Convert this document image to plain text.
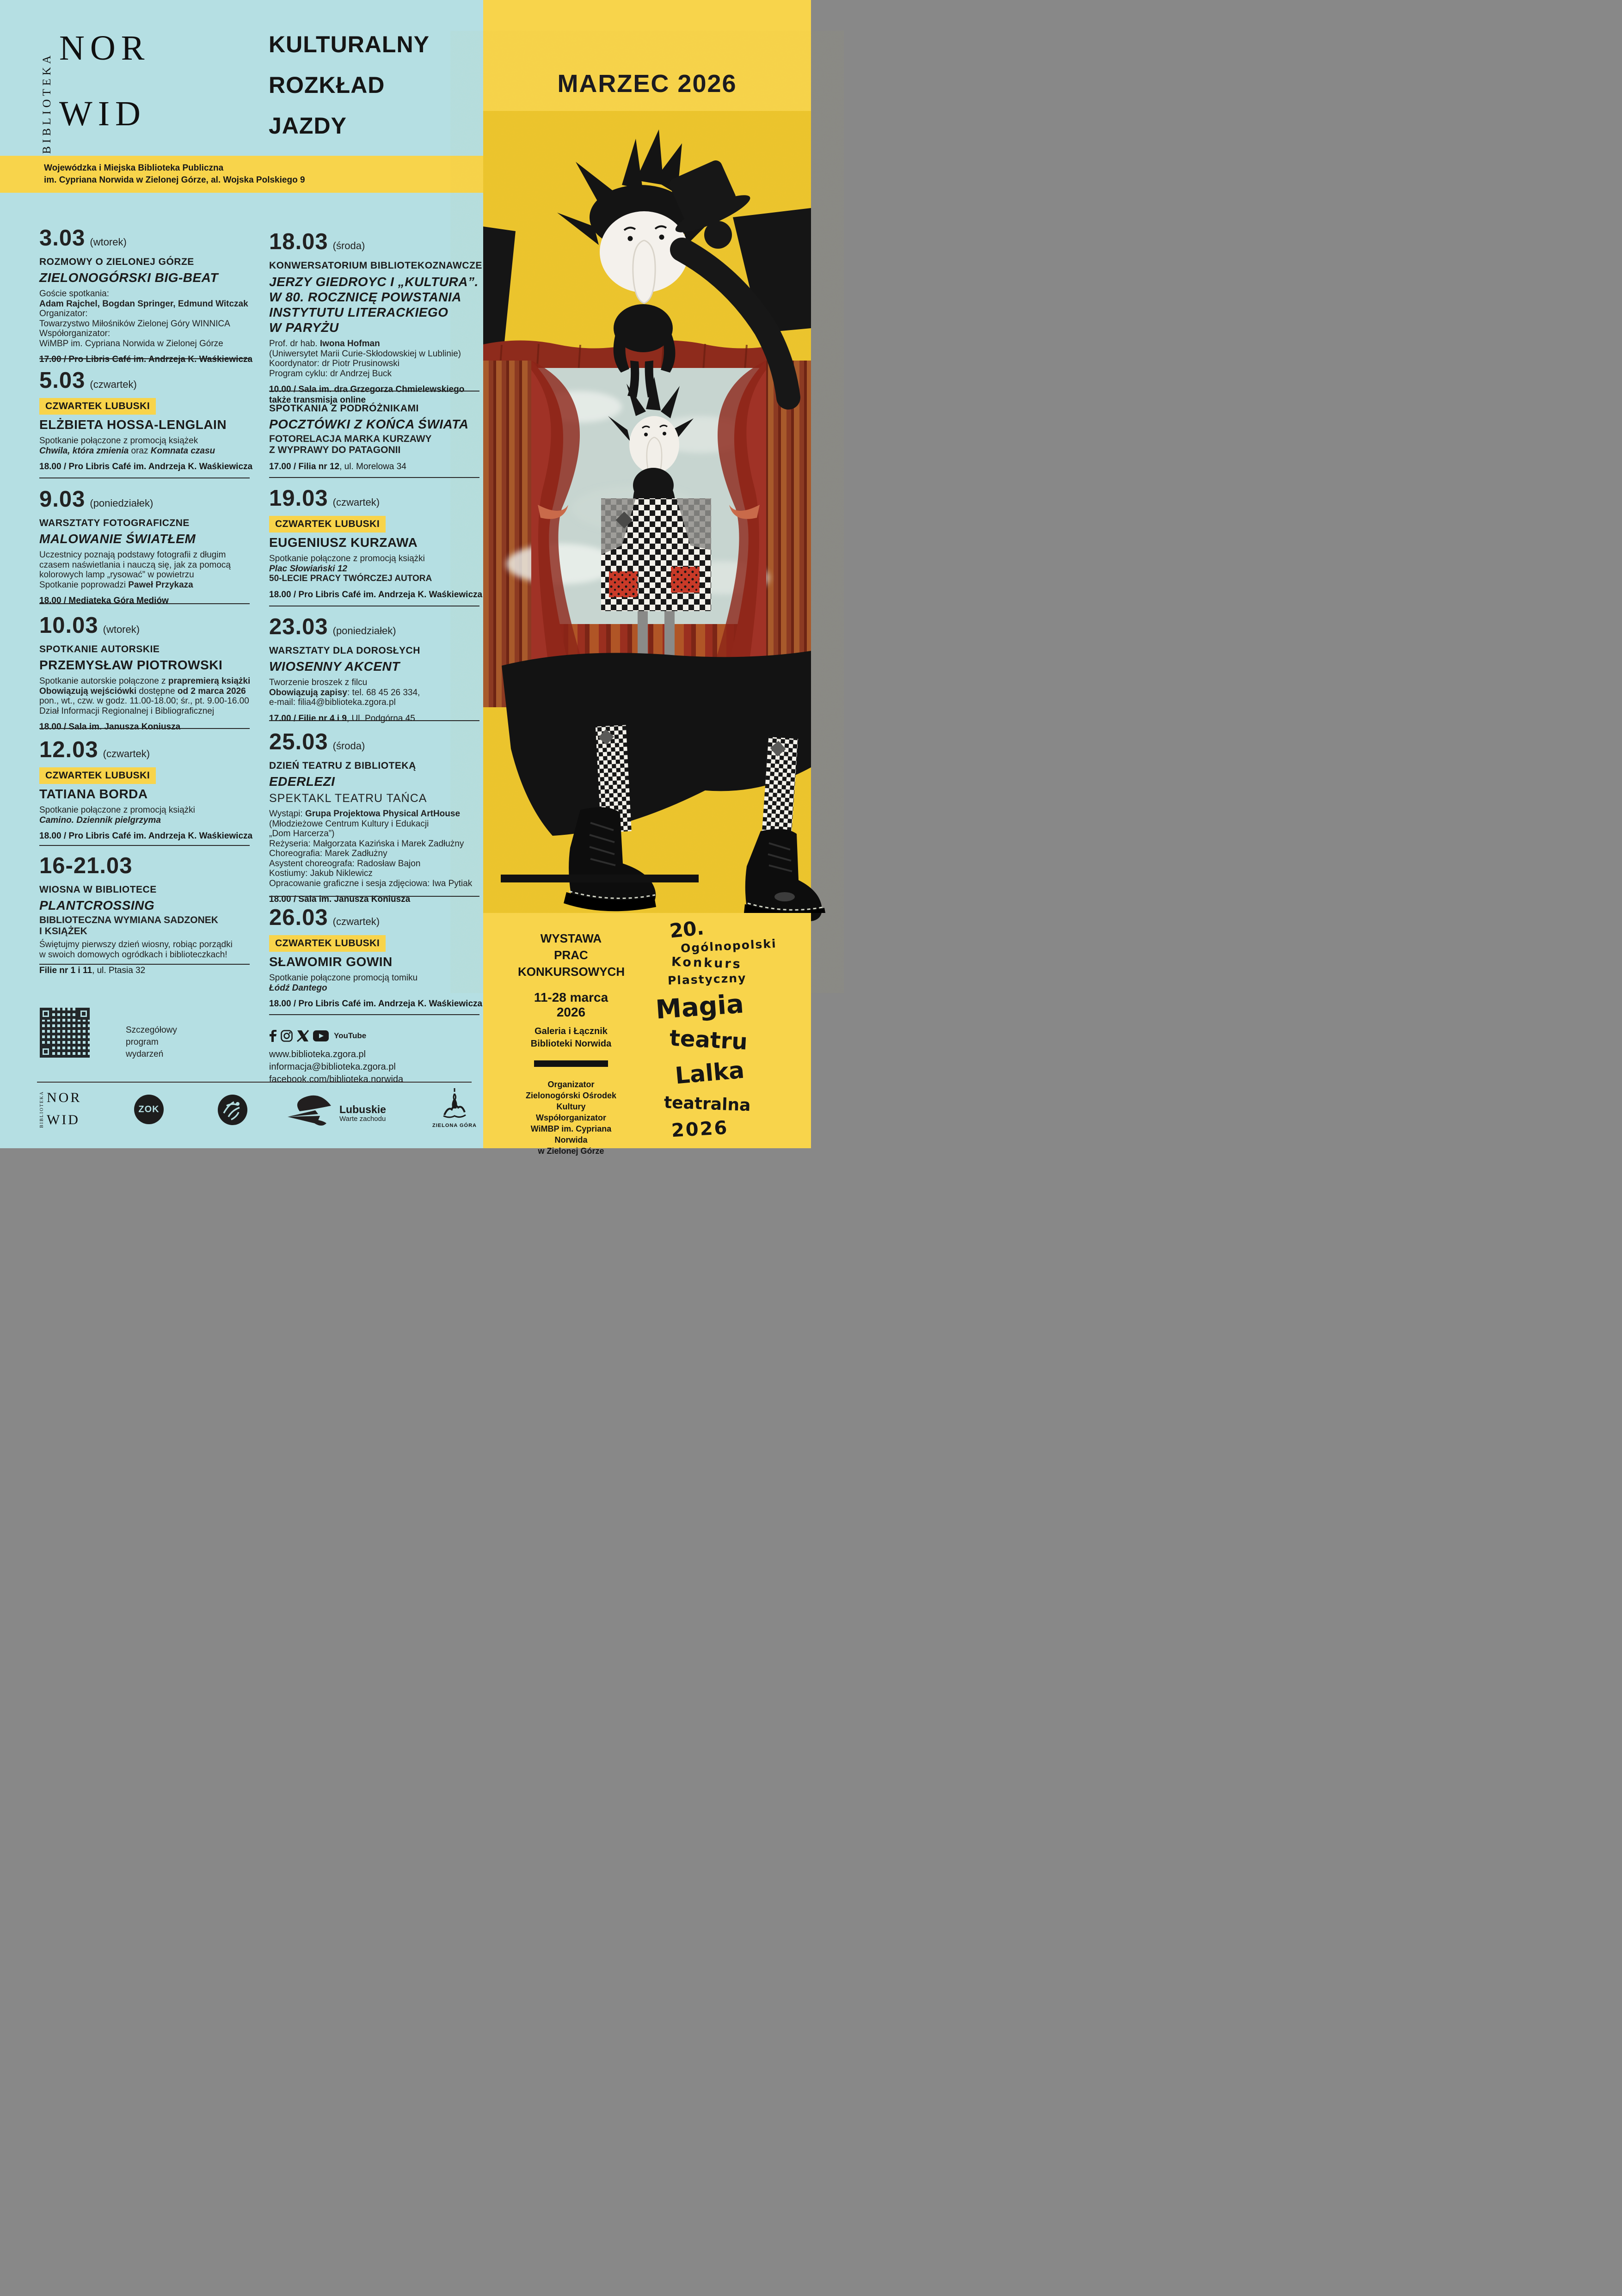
BIBLIOTEKA
NOR
WID
KULTURALNY
ROZKŁAD
JAZDY
Wojewódzka i Miejska Biblioteka Publiczna
im. Cypriana Norwida w Zielonej Górze, al. Wojska Polskiego 9
MARZEC 2026
WYSTAWA
PRAC
KONKURSOWYCH
11-28 marca 2026
Galeria i Łącznik
Biblioteki Norwida
Organizator
Zielonogórski Ośrodek Kultury
Współorganizator
WiMBP im. Cypriana Norwida
w Zielonej Górze
20.
Ogólnopolski
Konkurs
Plastyczny
Magia
teatru
Lalka
teatralna
2026
3.03 (wtorek)
ROZMOWY O ZIELONEJ GÓRZE
ZIELONOGÓRSKI BIG-BEAT
Goście spotkania:
Adam Rajchel, Bogdan Springer, Edmund Witczak
Organizator:
Towarzystwo Miłośników Zielonej Góry WINNICA
Współorganizator:
WiMBP im. Cypriana Norwida w Zielonej Górze
17.00 / Pro Libris Café im. Andrzeja K. Waśkiewicza
5.03 (czwartek)
CZWARTEK LUBUSKI
ELŻBIETA HOSSA-LENGLAIN
Spotkanie połączone z promocją książek
Chwila, która zmienia oraz Komnata czasu
18.00 / Pro Libris Café im. Andrzeja K. Waśkiewicza
9.03 (poniedziałek)
WARSZTATY FOTOGRAFICZNE
MALOWANIE ŚWIATŁEM
Uczestnicy poznają podstawy fotografii z długim
czasem naświetlania i nauczą się, jak za pomocą
kolorowych lamp „rysować” w powietrzu
Spotkanie poprowadzi Paweł Przykaza
18.00 / Mediateka Góra Mediów
10.03 (wtorek)
SPOTKANIE AUTORSKIE
PRZEMYSŁAW PIOTROWSKI
Spotkanie autorskie połączone z prapremierą książki
Obowiązują wejściówki dostępne od 2 marca 2026
pon., wt., czw. w godz. 11.00-18.00; śr., pt. 9.00-16.00
Dział Informacji Regionalnej i Bibliograficznej
18.00 / Sala im. Janusza Koniusza
12.03 (czwartek)
CZWARTEK LUBUSKI
TATIANA BORDA
Spotkanie połączone z promocją książki
Camino. Dziennik pielgrzyma
18.00 / Pro Libris Café im. Andrzeja K. Waśkiewicza
16-21.03
WIOSNA W BIBLIOTECE
PLANTCROSSING
BIBLIOTECZNA WYMIANA SADZONEK
I KSIĄŻEK
Świętujmy pierwszy dzień wiosny, robiąc porządki
w swoich domowych ogródkach i biblioteczkach!
Filie nr 1 i 11, ul. Ptasia 32
Szczegółowy
program
wydarzeń
18.03 (środa)
KONWERSATORIUM BIBLIOTEKOZNAWCZE
JERZY GIEDROYC I „KULTURA”.
W 80. ROCZNICĘ POWSTANIA
INSTYTUTU LITERACKIEGO
W PARYŻU
Prof. dr hab. Iwona Hofman
(Uniwersytet Marii Curie-Skłodowskiej w Lublinie)
Koordynator: dr Piotr Prusinowski
Program cyklu: dr Andrzej Buck
10.00 / Sala im. dra Grzegorza Chmielewskiego
także transmisja online
SPOTKANIA Z PODRÓŻNIKAMI
POCZTÓWKI Z KOŃCA ŚWIATA
FOTORELACJA MARKA KURZAWY
Z WYPRAWY DO PATAGONII
17.00 / Filia nr 12, ul. Morelowa 34
19.03 (czwartek)
CZWARTEK LUBUSKI
EUGENIUSZ KURZAWA
Spotkanie połączone z promocją książki
Plac Słowiański 12
50-LECIE PRACY TWÓRCZEJ AUTORA
18.00 / Pro Libris Café im. Andrzeja K. Waśkiewicza
23.03 (poniedziałek)
WARSZTATY DLA DOROSŁYCH
WIOSENNY AKCENT
Tworzenie broszek z filcu
Obowiązują zapisy: tel. 68 45 26 334,
e-mail: filia4@biblioteka.zgora.pl
17.00 / Filie nr 4 i 9, Ul. Podgórna 45
25.03 (środa)
DZIEŃ TEATRU Z BIBLIOTEKĄ
EDERLEZI
SPEKTAKL TEATRU TAŃCA
Wystąpi: Grupa Projektowa Physical ArtHouse
(Młodzieżowe Centrum Kultury i Edukacji
„Dom Harcerza”)
Reżyseria: Małgorzata Kazińska i Marek Zadłużny
Choreografia: Marek Zadłużny
Asystent choreografa: Radosław Bajon
Kostiumy: Jakub Niklewicz
Opracowanie graficzne i sesja zdjęciowa: Iwa Pytiak
18.00 / Sala im. Janusza Koniusza
26.03 (czwartek)
CZWARTEK LUBUSKI
SŁAWOMIR GOWIN
Spotkanie połączone promocją tomiku
Łódź Dantego
18.00 / Pro Libris Café im. Andrzeja K. Waśkiewicza
YouTube
www.biblioteka.zgora.pl
informacja@biblioteka.zgora.pl
facebook.com/biblioteka.norwida
BIBLIOTEKA NOR
WID
ZOK	Lubuskie
Warte zachodu
ZIELONA GÓRA
